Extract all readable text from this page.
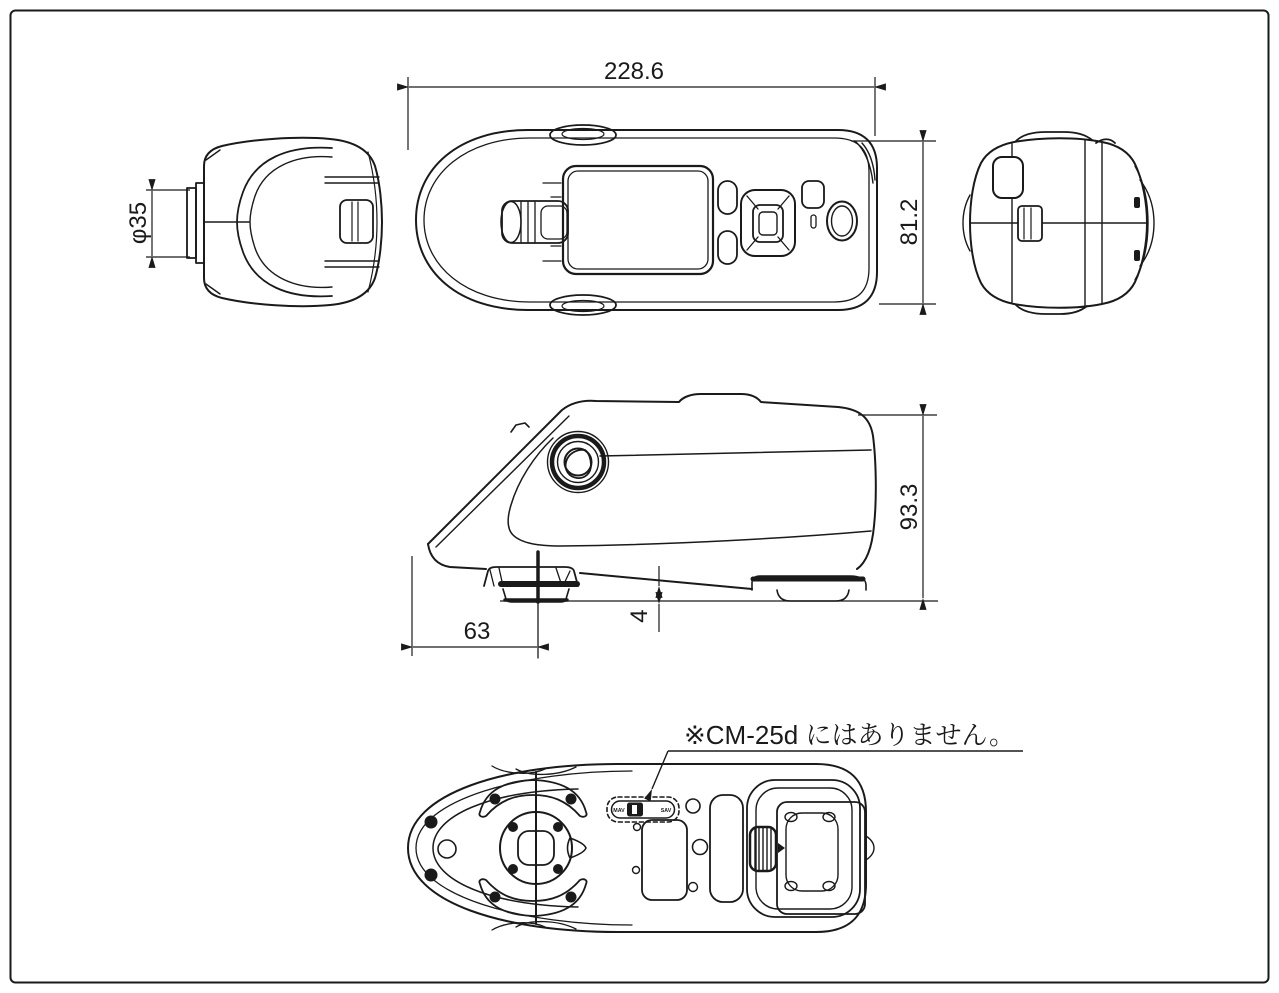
φ35
228.6
81.2
93.3
63
4
※CM-25d にはありません。
MAV	SAV
